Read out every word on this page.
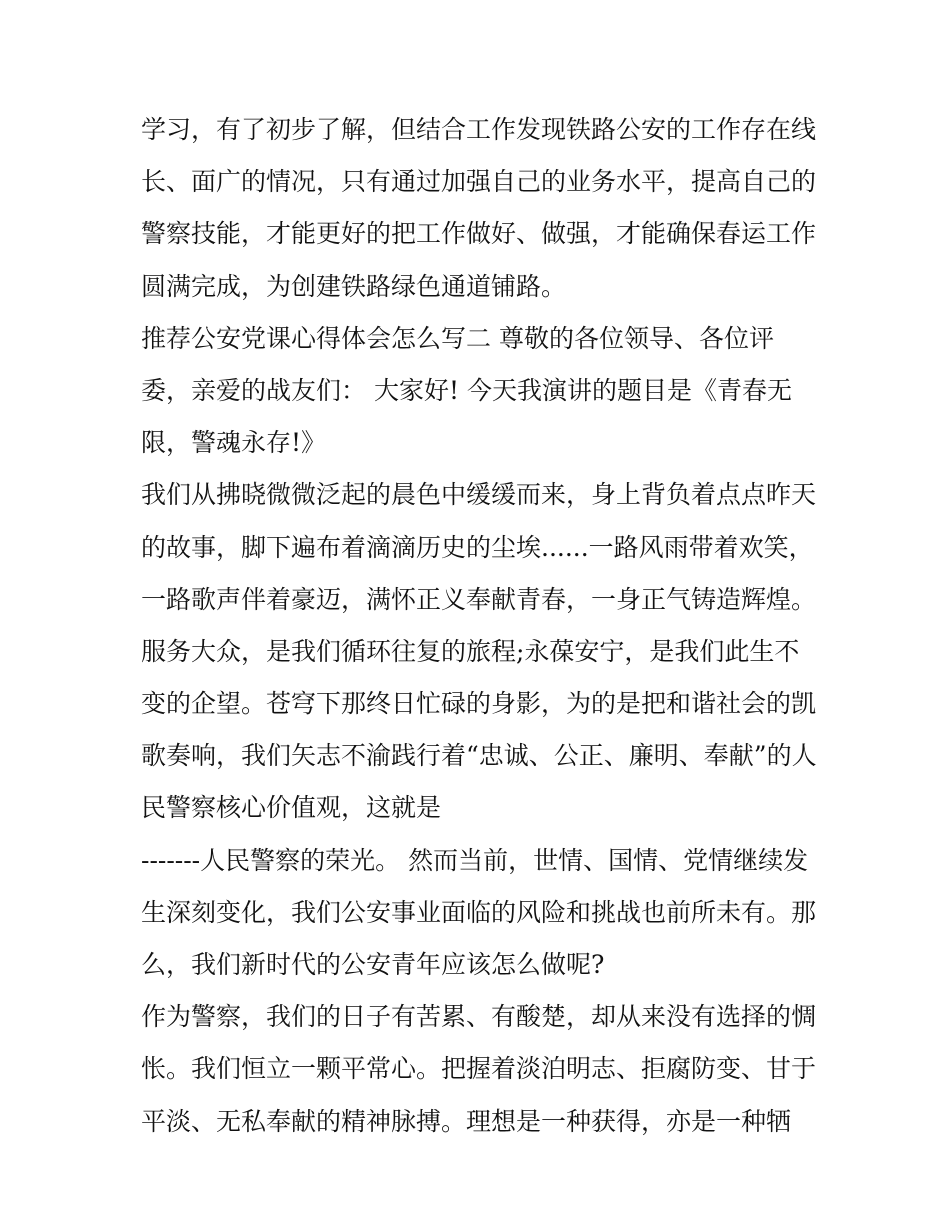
学习，有了初步了解，但结合工作发现铁路公安的工作存在线
长、面广的情况，只有通过加强自己的业务水平，提高自己的
警察技能，才能更好的把工作做好、做强，才能确保春运工作
圆满完成，为创建铁路绿色通道铺路。
推荐公安党课心得体会怎么写二 尊敬的各位领导、各位评
委，亲爱的战友们： 大家好! 今天我演讲的题目是《青春无
限，警魂永存!》
我们从拂晓微微泛起的晨色中缓缓而来，身上背负着点点昨天
的故事，脚下遍布着滴滴历史的尘埃......一路风雨带着欢笑，
一路歌声伴着豪迈，满怀正义奉献青春，一身正气铸造辉煌。
服务大众，是我们循环往复的旅程;永葆安宁，是我们此生不
变的企望。苍穹下那终日忙碌的身影，为的是把和谐社会的凯
歌奏响，我们矢志不渝践行着“忠诚、公正、廉明、奉献”的人
民警察核心价值观，这就是
-------人民警察的荣光。 然而当前，世情、国情、党情继续发
生深刻变化，我们公安事业面临的风险和挑战也前所未有。那
么，我们新时代的公安青年应该怎么做呢?
作为警察，我们的日子有苦累、有酸楚，却从来没有选择的惆
怅。我们恒立一颗平常心。把握着淡泊明志、拒腐防变、甘于
平淡、无私奉献的精神脉搏。理想是一种获得，亦是一种牺
